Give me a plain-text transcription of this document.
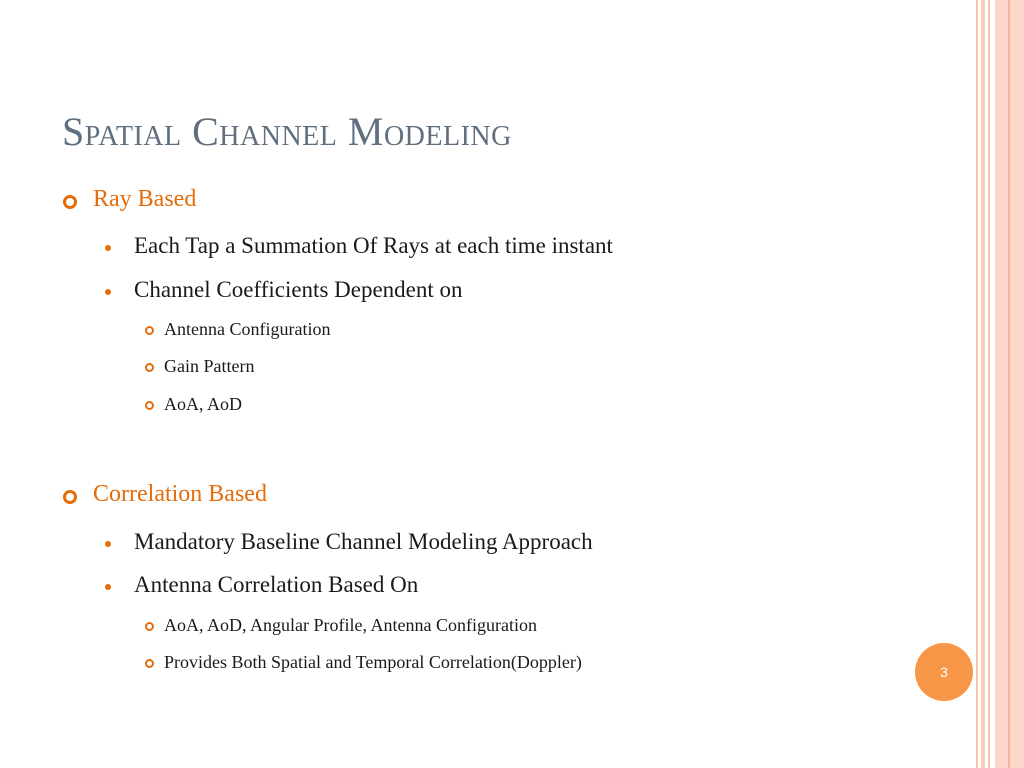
Spatial Channel Modeling
Ray Based
Each Tap a Summation Of Rays at each time instant
Channel Coefficients Dependent on
Antenna Configuration
Gain Pattern
AoA, AoD
Correlation Based
Mandatory Baseline Channel Modeling Approach
Antenna Correlation Based On
AoA, AoD, Angular Profile, Antenna Configuration
Provides Both Spatial and Temporal Correlation(Doppler)	3
